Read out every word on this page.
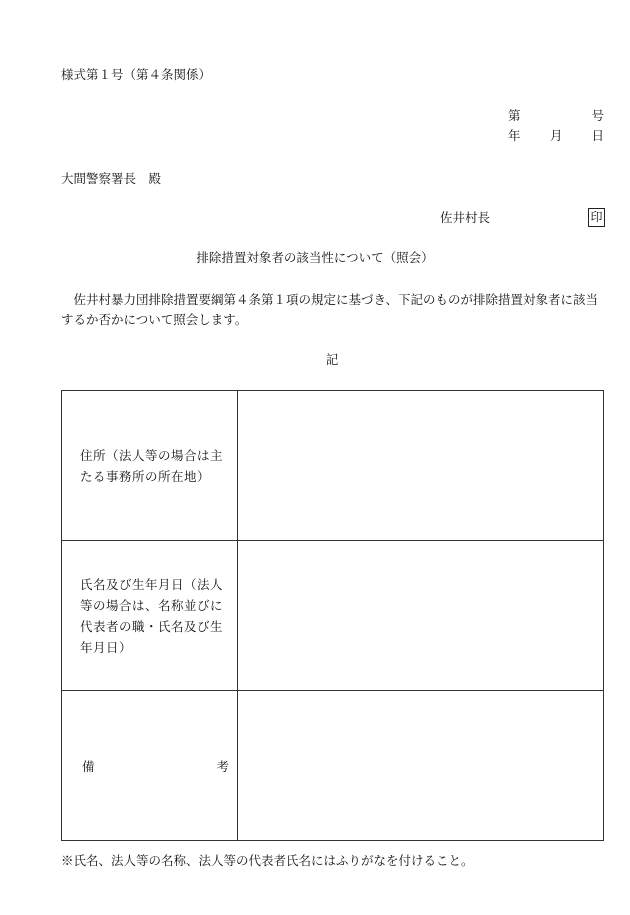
様式第１号（第４条関係）
第	号
年 月 日
大間警察署長　殿
佐井村長	印
排除措置対象者の該当性について（照会）
佐井村暴力団排除措置要綱第４条第１項の規定に基づき、下記のものが排除措置対象者に該当するか否かについて照会します。
記
住所（法人等の場合は主たる事務所の所在地）	

氏名及び生年月日（法人等の場合は、名称並びに代表者の職・氏名及び生年月日）	

備 考	

※氏名、法人等の名称、法人等の代表者氏名にはふりがなを付けること。
